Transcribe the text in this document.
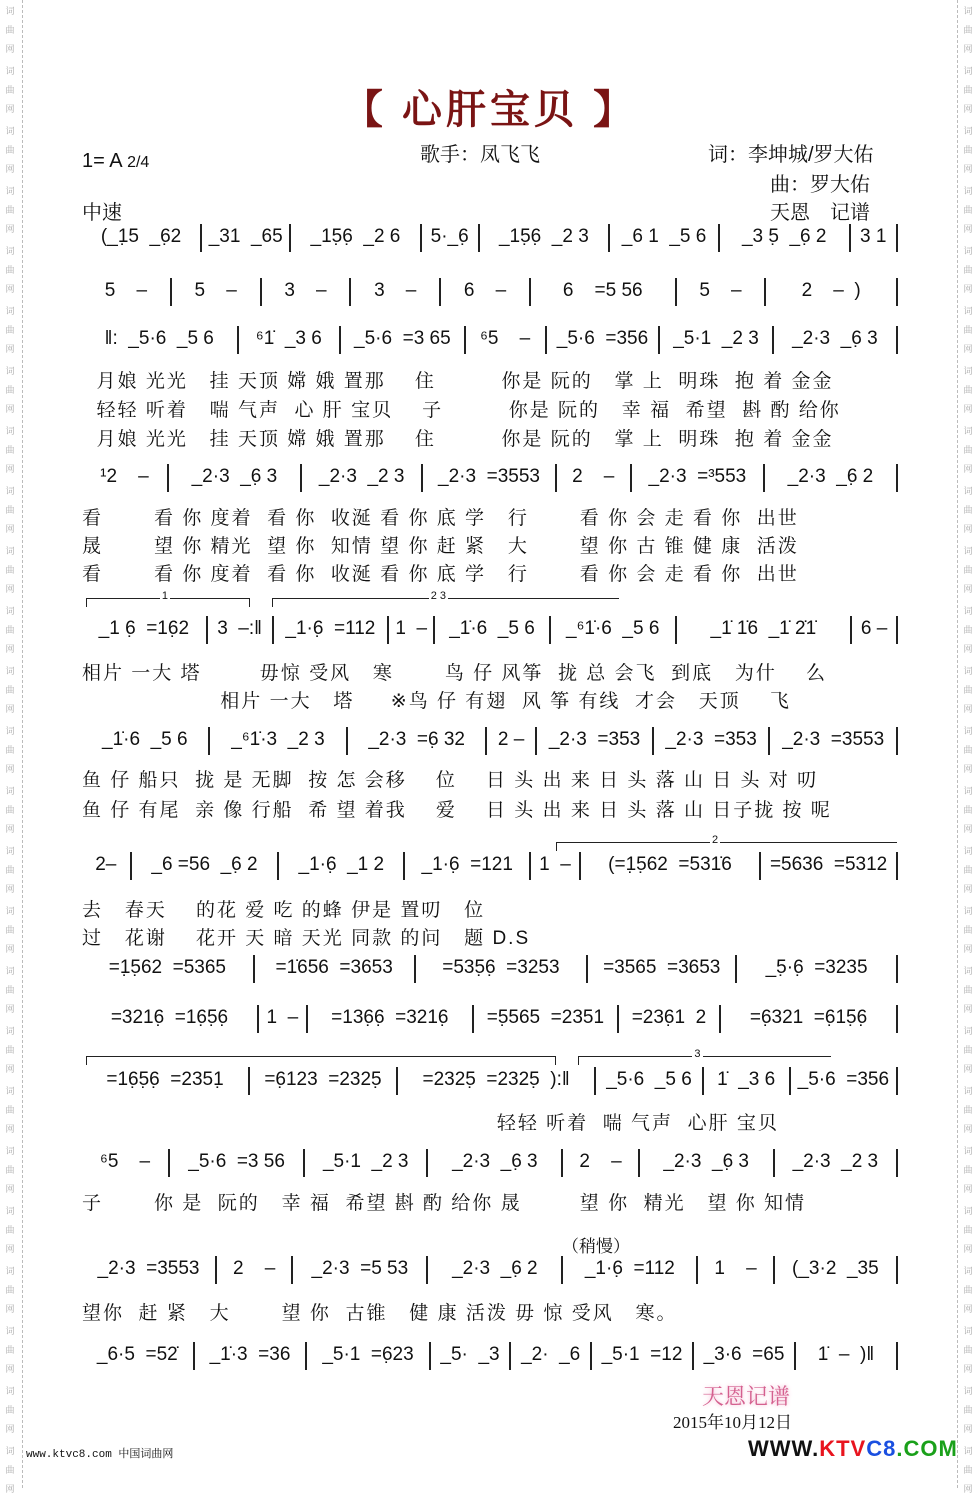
词曲网
词曲网
词曲网
词曲网
词曲网
词曲网
词曲网
词曲网
词曲网
词曲网
词曲网
词曲网
词曲网
词曲网
词曲网
词曲网
词曲网
词曲网
词曲网
词曲网
词曲网
词曲网
词曲网
词曲网
词曲网
词曲网
词曲网
词曲网
词曲网
词曲网
词曲网
词曲网
词曲网
词曲网
词曲网
词曲网
词曲网
词曲网
词曲网
词曲网
词曲网
词曲网
词曲网
词曲网
词曲网
词曲网
词曲网
词曲网
词曲网
词曲网
【 心肝宝贝 】
1= A 2/4
中速
歌手：凤飞飞	词：李坤城/罗大佑
曲：罗大佑
天恩　记谱
(_1̣5  _6̣2	_31  _65	_15̣6̣  _2 6	5·_6̣	_15̣6̣  _2 3	_6 1  _5 6	_3 5̣  _6̣ 2	3 1
5    –	5    –	3    –	3    –	6    –	6    =5 56	5    –	2    –  )
‖:  _5·6  _5 6	⁶1̇  _3 6	_5·6  =3 65	⁶5    –	_5·6  =356	_5·1  _2 3	_2·3  _6̣ 3
月娘 光光   挂 天顶 嫦 娥 置那    住         你是 阮的   掌 上  明珠  抱 着 金金
轻轻 听着   喘 气声  心 肝 宝贝    子         你是 阮的   幸 福  希望  斟 酌 给你
月娘 光光   挂 天顶 嫦 娥 置那    住         你是 阮的   掌 上  明珠  抱 着 金金
¹2    –	_2·3  _6̣ 3	_2·3  _2 3	_2·3  =3553	2    –	_2·3  =³553	_2·3  _6̣ 2
看       看 你 度着  看 你  收涎 看 你 底 学   行       看 你 会 走 看 你  出世
晟       望 你 精光  望 你  知情 望 你 赶 紧   大       望 你 古 锥 健 康  活泼
看       看 你 度着  看 你  收涎 看 你 底 学   行       看 你 会 走 看 你  出世
_1 6̣  =16̣2	3  –:‖	_1·6̣  =112	1  –	_1̇·6  _5 6	_⁶1̇·6  _5 6	_1̇ 1̇6  _1̇ 2̇1̇	6 –
相片 一大 塔        毋惊 受风   寒       鸟 仔 风筝  拢 总 会飞  到底   为什    么
相片 一大   塔     ※鸟 仔 有翅  风 筝 有线  才会   天顶    飞
_1̇·6  _5 6	_⁶1̇·3  _2 3	_2·3  =6̣ 32	2 –	_2·3  =353	_2·3  =353	_2·3  =3553
鱼 仔 船只  拢 是 无脚  按 怎 会移    位    日 头 出 来 日 头 落 山 日 头 对 叨
鱼 仔 有尾  亲 像 行船  希 望 着我    爱    日 头 出 来 日 头 落 山 日子拢 按 呢
2–	_6 =56  _6̣ 2	_1·6̣  _1 2	_1·6̣  =121	1  –	(=1̣5̣62  =531̇6	=5636  =5312
去   春天    的花 爱 吃 的蜂 伊是 置叨   位
过   花谢    花开 天 暗 天光 同款 的问   题 D.S
=1̣5̣62  =5365	=1̇656  =3653	=535̣6̣  =3253	=3565  =3653	_5̣·6̣  =3235
=3216̣  =16̣5̣6̣	1  –	=136̣6̣  =3216̣	=5̣565  =2351	=236̣1  2	=6̣321  =6̣15̣6̣
=16̣5̣6̣  =2351̣	=6̣123  =2325̣	=2325̣  =2325̣  ):‖	_5·6  _5 6	1̇  _3 6	_5·6  =356
轻轻 听着  喘 气声  心肝 宝贝
⁶5    –	_5·6  =3 56	_5·1  _2 3	_2·3  _6̣ 3	2    –	_2·3  _6̣ 3	_2·3  _2 3
子       你 是  阮的   幸 福  希望 斟 酌 给你 晟        望 你  精光   望 你 知情
_2·3  =3553	2    –	_2·3  =5 53	_2·3  _6̣ 2	_1·6̣  =112	1    –	(_3·2  _35
望你  赶 紧   大       望 你  古锥   健 康 活泼 毋 惊 受风   寒。
_6·5  =52̇	_1̇·3  =36	_5·1  =6̣23	_5·  _3	_2·  _6	_5·1  =12	_3·6  =65	1̇  –  )‖
1	2 3
2
3
（稍慢）
天恩记谱
2015年10月12日
www.ktvc8.com 中国词曲网	WWW.KTVC8.COM
